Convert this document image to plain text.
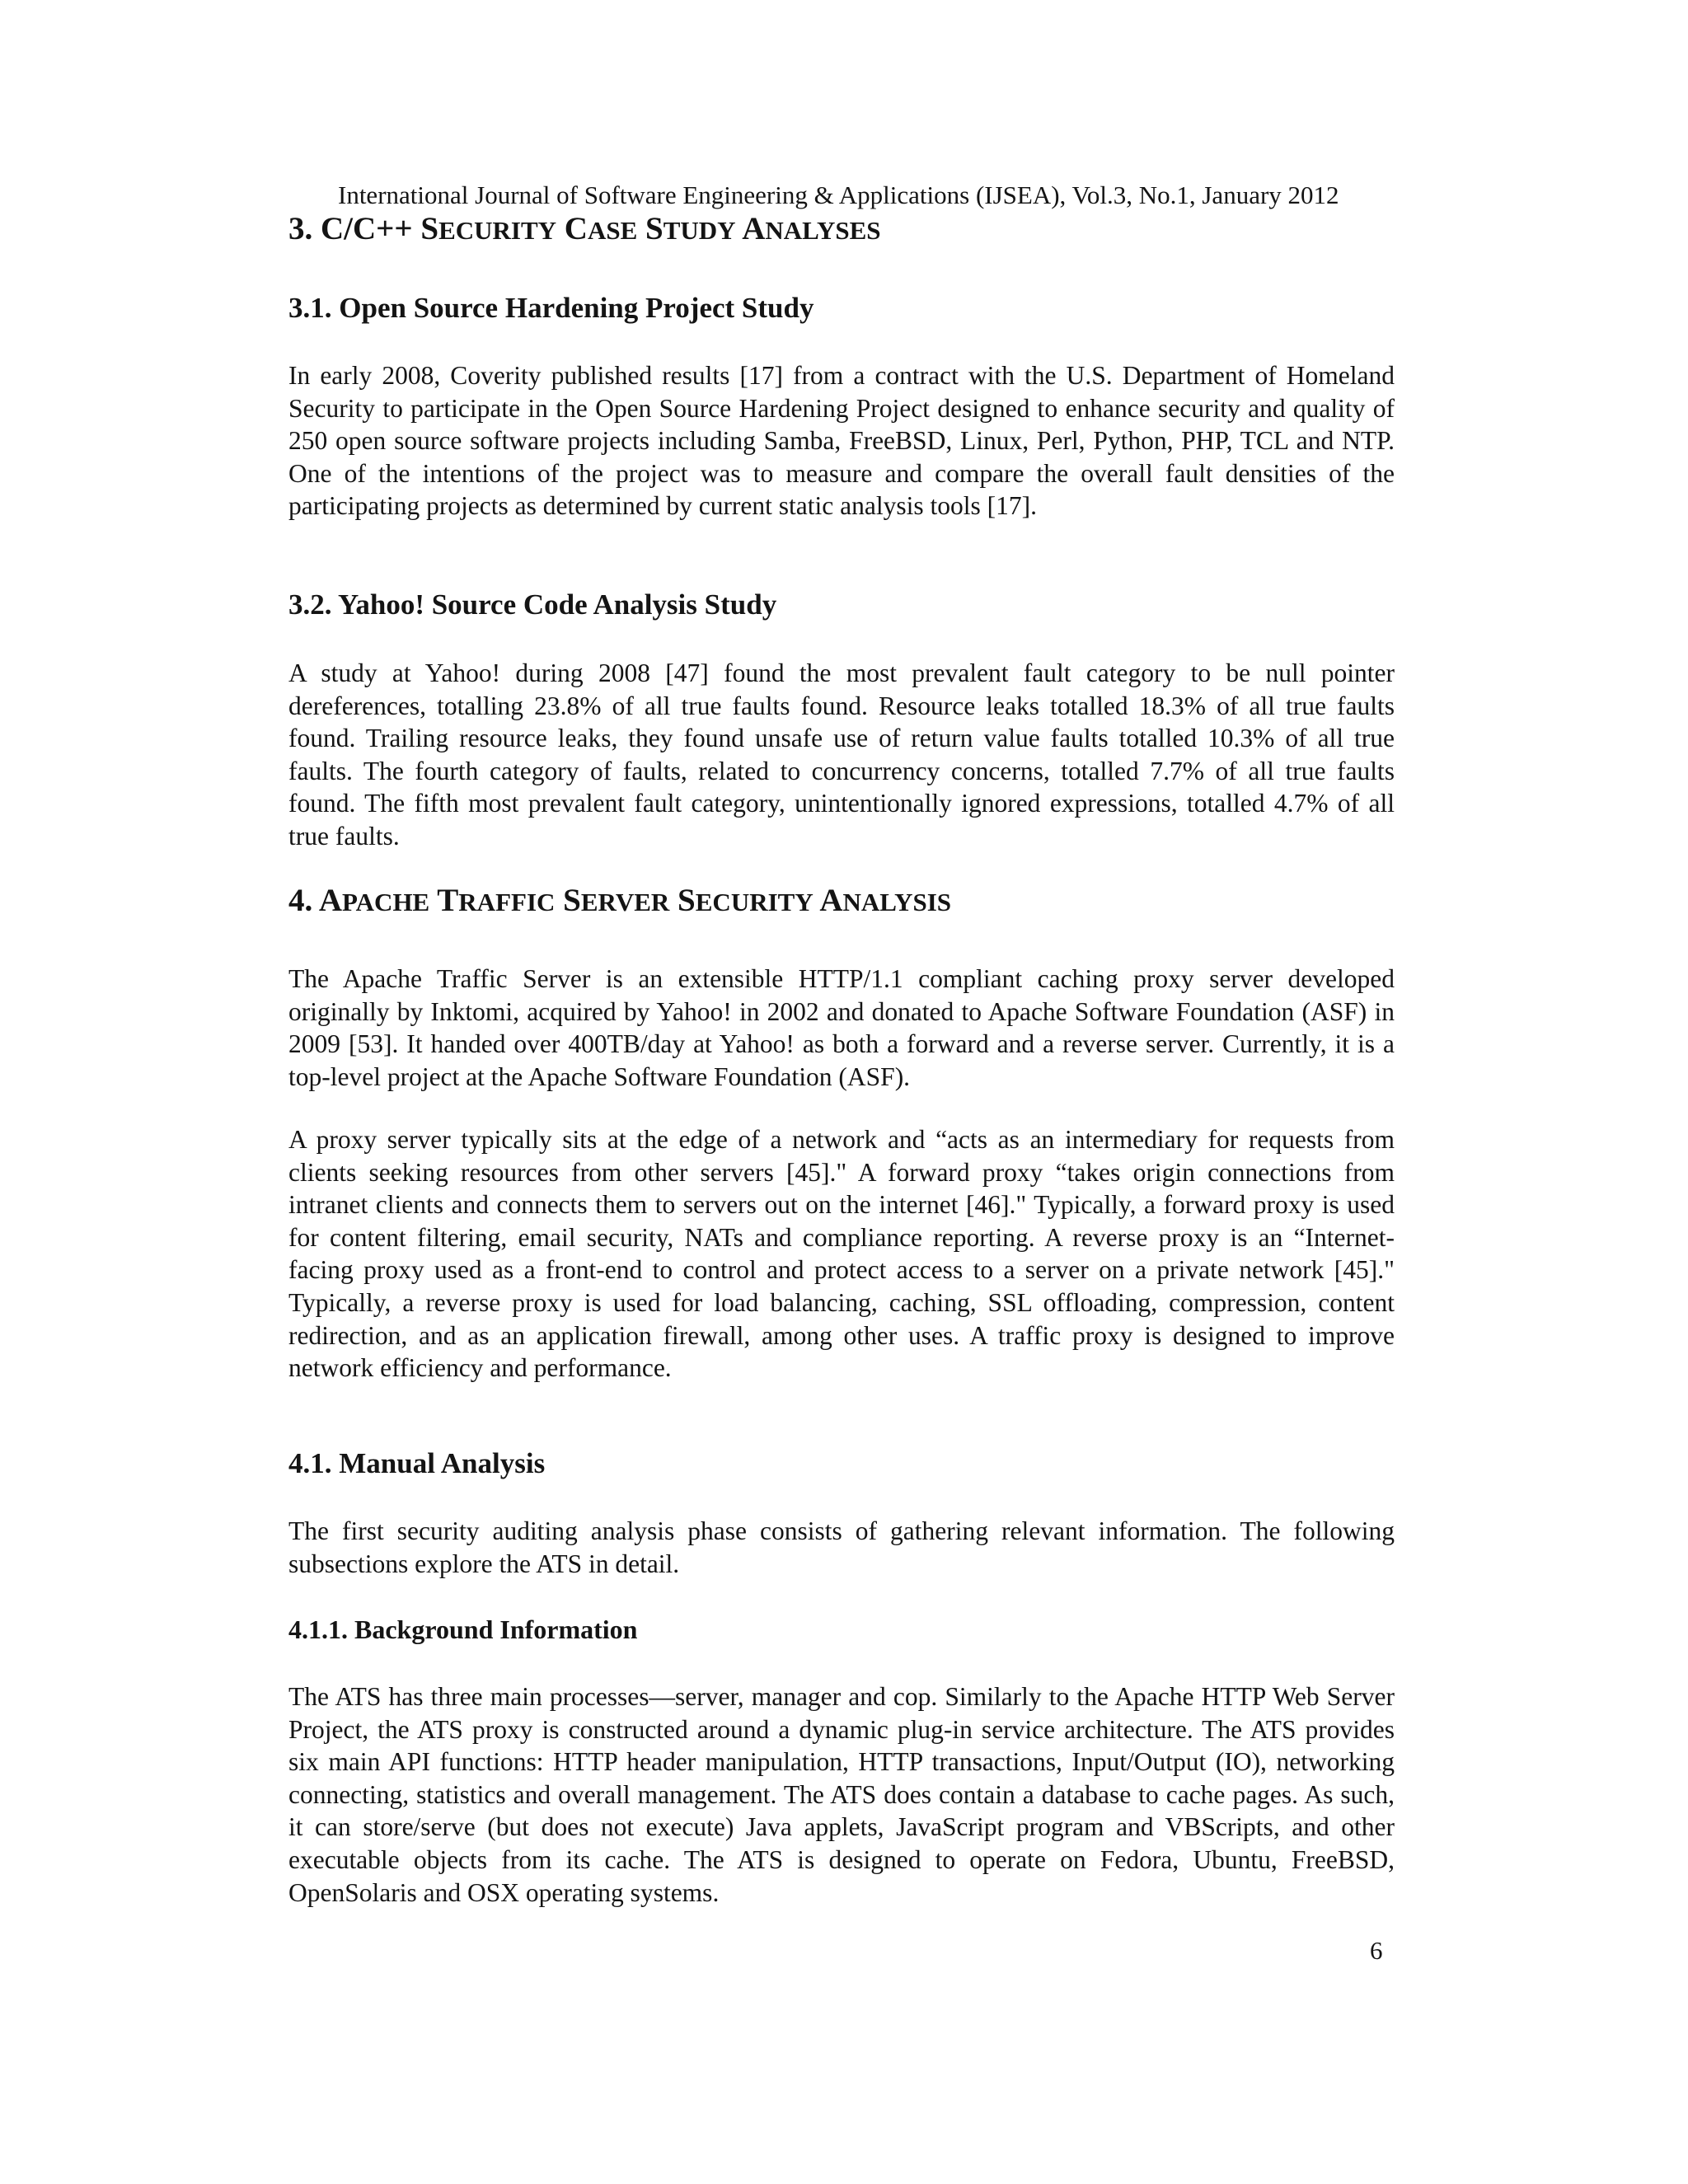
International Journal of Software Engineering & Applications (IJSEA), Vol.3, No.1, January 2012
3. C/C++ SECURITY CASE STUDY ANALYSES
3.1. Open Source Hardening Project Study

In early 2008, Coverity published results [17] from a contract with the U.S. Department of Homeland Security to participate in the Open Source Hardening Project designed to enhance security and quality of 250 open source software projects including Samba, FreeBSD, Linux, Perl, Python, PHP, TCL and NTP. One of the intentions of the project was to measure and compare the overall fault densities of the participating projects as determined by current static analysis tools [17].

3.2. Yahoo! Source Code Analysis Study

A study at Yahoo! during 2008 [47] found the most prevalent fault category to be null pointer dereferences, totalling 23.8% of all true faults found. Resource leaks totalled 18.3% of all true faults found. Trailing resource leaks, they found unsafe use of return value faults totalled 10.3% of all true faults. The fourth category of faults, related to concurrency concerns, totalled 7.7% of all true faults found. The fifth most prevalent fault category, unintentionally ignored expressions, totalled 4.7% of all true faults.

4. APACHE TRAFFIC SERVER SECURITY ANALYSIS

The Apache Traffic Server is an extensible HTTP/1.1 compliant caching proxy server developed originally by Inktomi, acquired by Yahoo! in 2002 and donated to Apache Software Foundation (ASF) in 2009 [53]. It handed over 400TB/day at Yahoo! as both a forward and a reverse server. Currently, it is a top-level project at the Apache Software Foundation (ASF).

A proxy server typically sits at the edge of a network and “acts as an intermediary for requests from clients seeking resources from other servers [45]." A forward proxy “takes origin connections from intranet clients and connects them to servers out on the internet [46]." Typically, a forward proxy is used for content filtering, email security, NATs and compliance reporting. A reverse proxy is an “Internet-facing proxy used as a front-end to control and protect access to a server on a private network [45]." Typically, a reverse proxy is used for load balancing, caching, SSL offloading, compression, content redirection, and as an application firewall, among other uses. A traffic proxy is designed to improve network efficiency and performance.

4.1. Manual Analysis

The first security auditing analysis phase consists of gathering relevant information. The following subsections explore the ATS in detail.

4.1.1. Background Information

The ATS has three main processes—server, manager and cop. Similarly to the Apache HTTP Web Server Project, the ATS proxy is constructed around a dynamic plug-in service architecture. The ATS provides six main API functions: HTTP header manipulation, HTTP transactions, Input/Output (IO), networking connecting, statistics and overall management. The ATS does contain a database to cache pages. As such, it can store/serve (but does not execute) Java applets, JavaScript program and VBScripts, and other executable objects from its cache. The ATS is designed to operate on Fedora, Ubuntu, FreeBSD, OpenSolaris and OSX operating systems.

6
